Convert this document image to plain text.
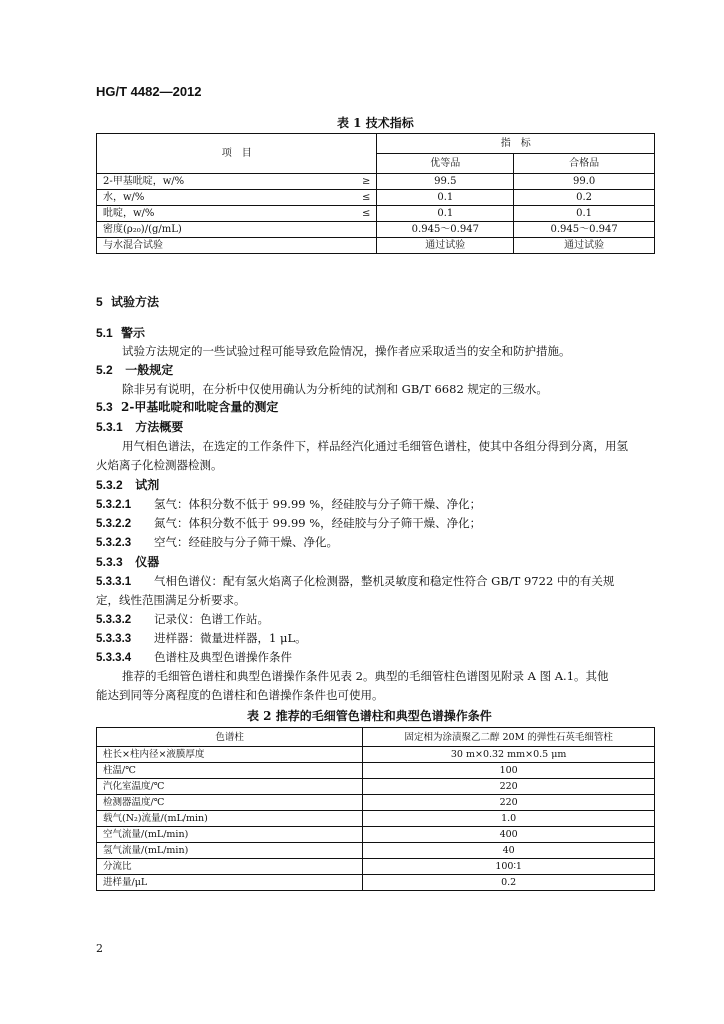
HG/T 4482—2012
表 1 技术指标
项　目		指　标	
		优等品	合格品
2-甲基吡啶，w/%	≥	99.5	99.0
水，w/%	≤	0.1	0.2
吡啶，w/%	≤	0.1	0.1
密度(ρ₂₀)/(g/mL)		0.945～0.947	0.945～0.947
与水混合试验		通过试验	通过试验
5 试验方法
5.1 警示
试验方法规定的一些试验过程可能导致危险情况，操作者应采取适当的安全和防护措施。
5.2 一般规定
除非另有说明，在分析中仅使用确认为分析纯的试剂和 GB/T 6682 规定的三级水。
5.3 2-甲基吡啶和吡啶含量的测定
5.3.1 方法概要
用气相色谱法，在选定的工作条件下，样品经汽化通过毛细管色谱柱，使其中各组分得到分离，用氢
火焰离子化检测器检测。
5.3.2 试剂
5.3.2.1 氢气：体积分数不低于 99.99 %，经硅胶与分子筛干燥、净化；
5.3.2.2 氮气：体积分数不低于 99.99 %，经硅胶与分子筛干燥、净化；
5.3.2.3 空气：经硅胶与分子筛干燥、净化。
5.3.3 仪器
5.3.3.1 气相色谱仪：配有氢火焰离子化检测器，整机灵敏度和稳定性符合 GB/T 9722 中的有关规
定，线性范围满足分析要求。
5.3.3.2 记录仪：色谱工作站。
5.3.3.3 进样器：微量进样器，1 μL。
5.3.3.4 色谱柱及典型色谱操作条件
推荐的毛细管色谱柱和典型色谱操作条件见表 2。典型的毛细管柱色谱图见附录 A 图 A.1。其他
能达到同等分离程度的色谱柱和色谱操作条件也可使用。
表 2 推荐的毛细管色谱柱和典型色谱操作条件
色谱柱	固定相为涂渍聚乙二醇 20M 的弹性石英毛细管柱
柱长×柱内径×液膜厚度	30 m×0.32 mm×0.5 μm
柱温/℃	100
汽化室温度/℃	220
检测器温度/℃	220
载气(N₂)流量/(mL/min)	1.0
空气流量/(mL/min)	400
氢气流量/(mL/min)	40
分流比	100∶1
进样量/μL	0.2
2
